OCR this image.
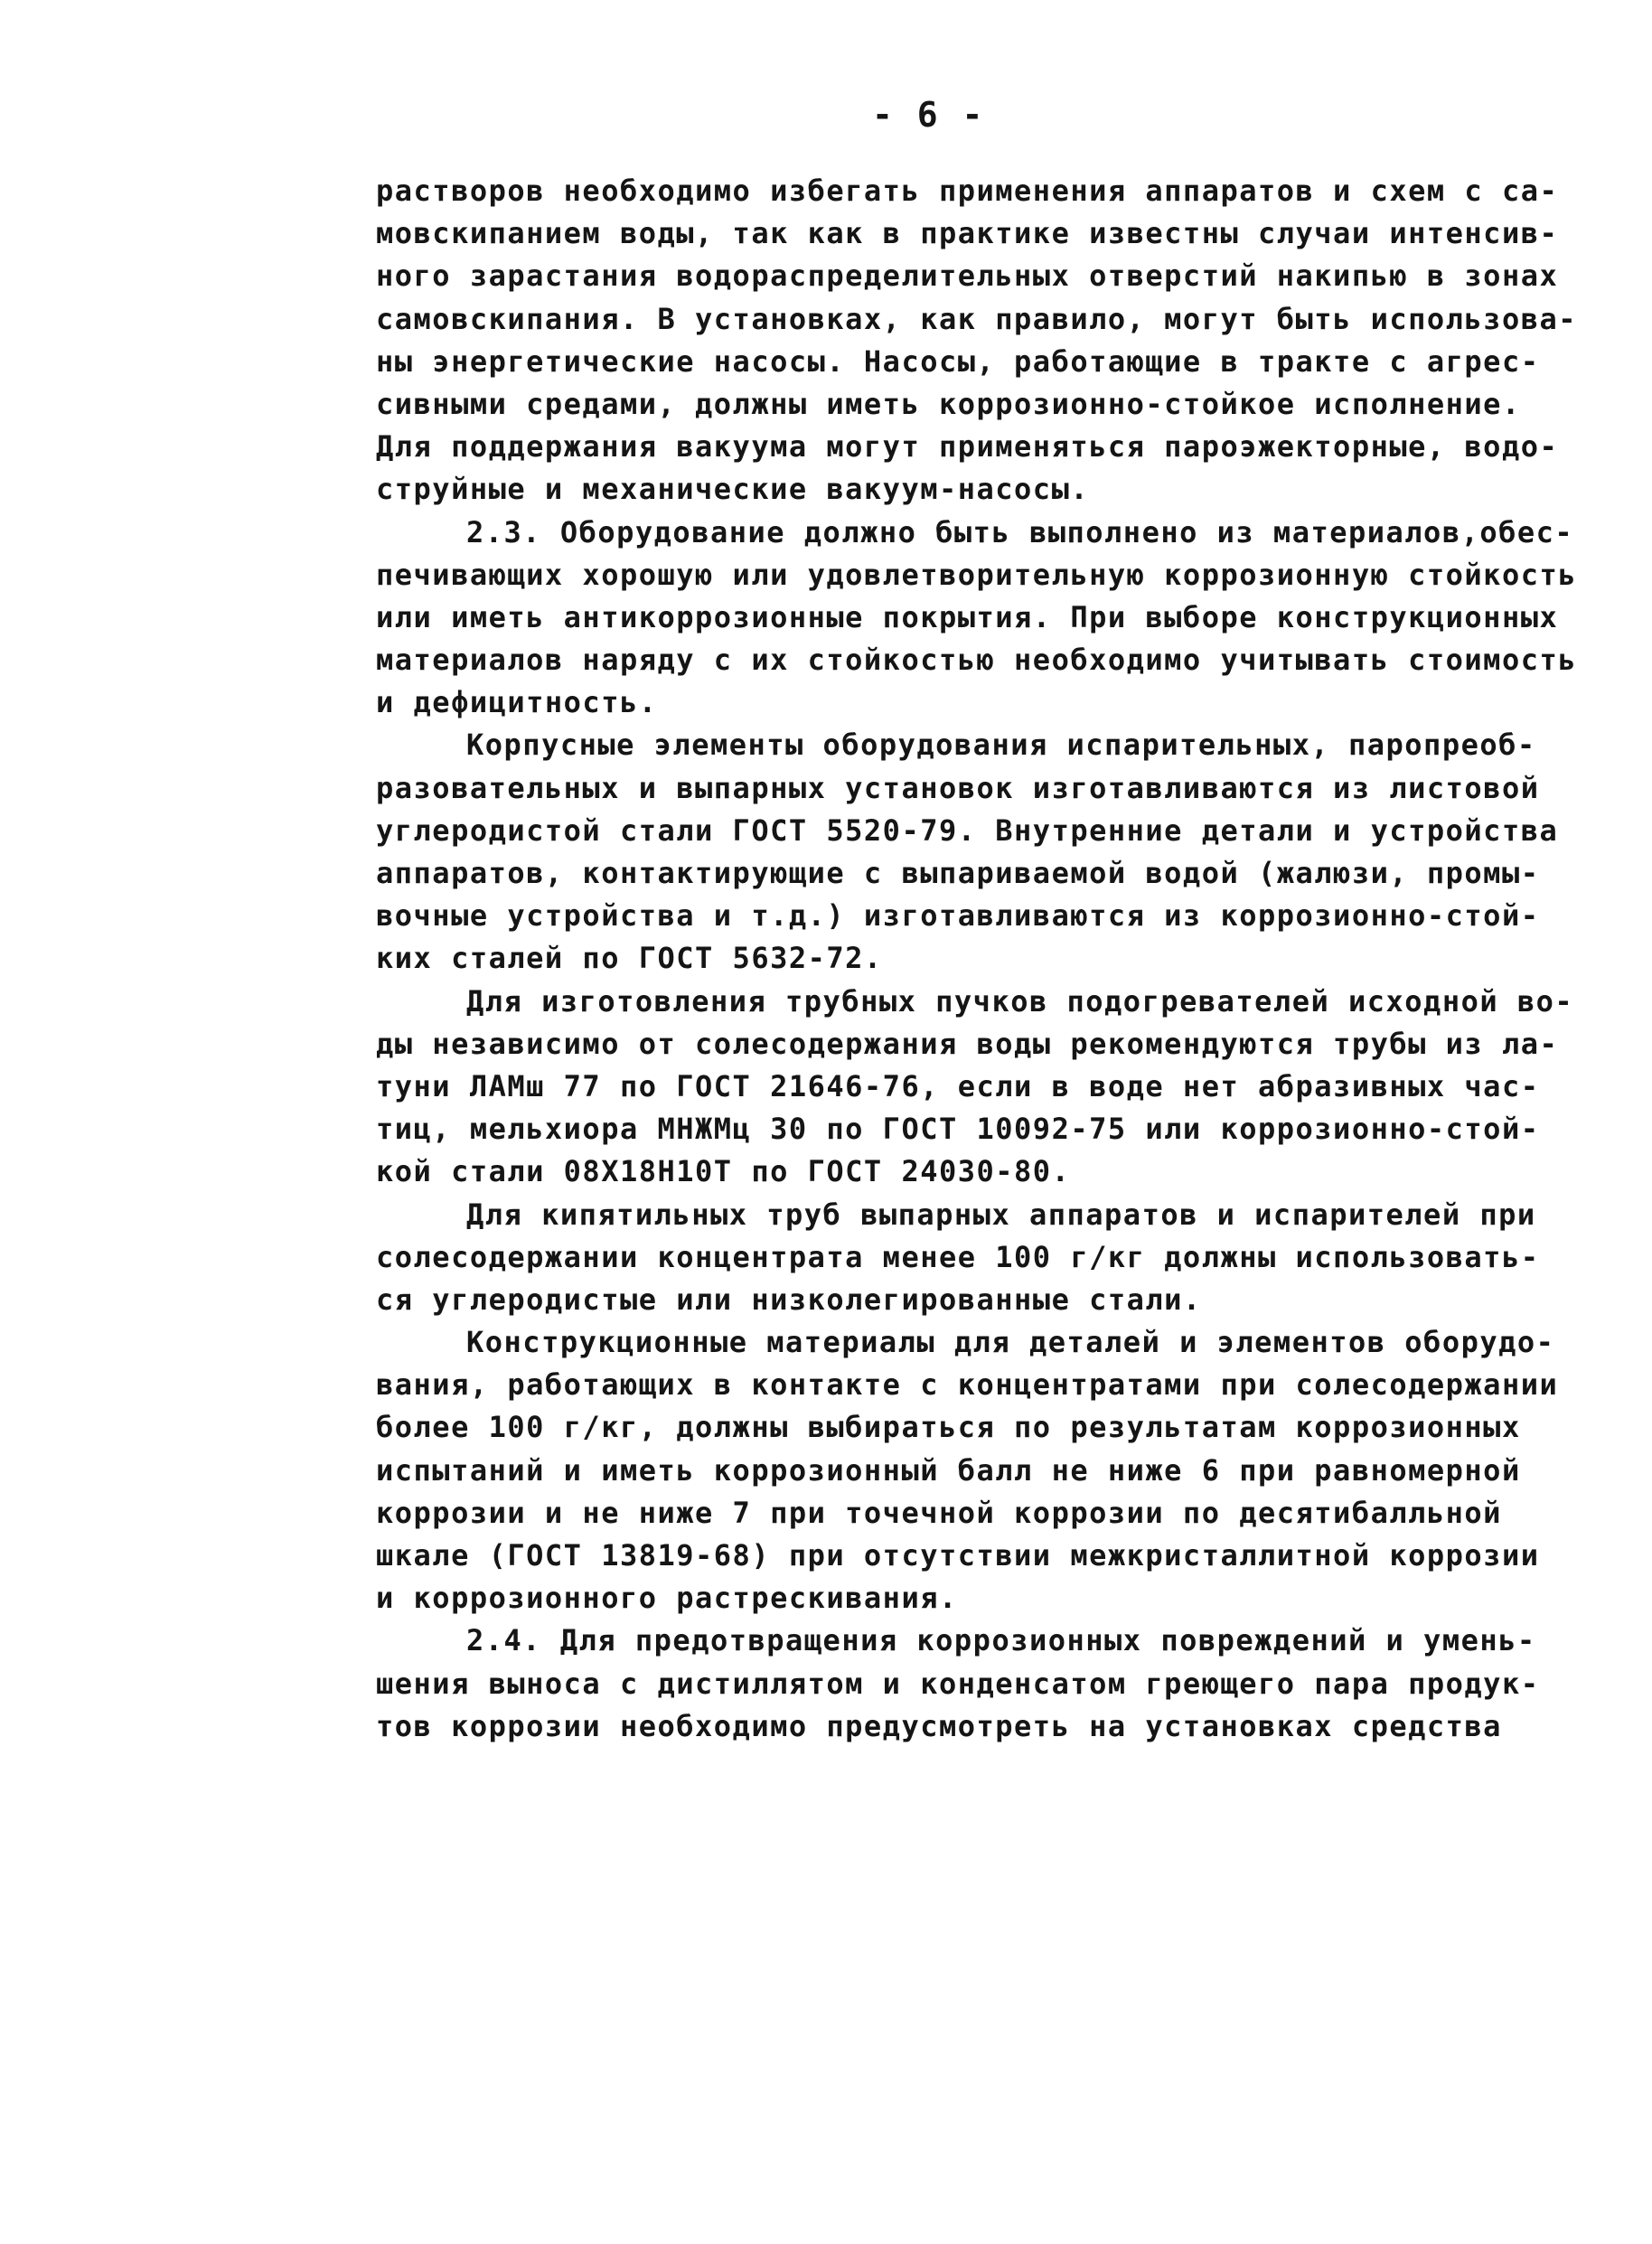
- 6 -
растворов необходимо избегать применения аппаратов и схем с са-
мовскипанием воды, так как в практике известны случаи интенсив-
ного зарастания водораспределительных отверстий накипью в зонах
самовскипания. В установках, как правило, могут быть использова-
ны энергетические насосы. Насосы, работающие в тракте с агрес-
сивными средами, должны иметь коррозионно-стойкое исполнение.
Для поддержания вакуума могут применяться пароэжекторные, водо-
струйные и механические вакуум-насосы.
2.3. Оборудование должно быть выполнено из материалов,обес-
печивающих хорошую или удовлетворительную коррозионную стойкость
или иметь антикоррозионные покрытия. При выборе конструкционных
материалов наряду с их стойкостью необходимо учитывать стоимость
и дефицитность.
Корпусные элементы оборудования испарительных, паропреоб-
разовательных и выпарных установок изготавливаются из листовой
углеродистой стали ГОСТ 5520-79. Внутренние детали и устройства
аппаратов, контактирующие с выпариваемой водой (жалюзи, промы-
вочные устройства и т.д.) изготавливаются из коррозионно-стой-
ких сталей по ГОСТ 5632-72.
Для изготовления трубных пучков подогревателей исходной во-
ды независимо от солесодержания воды рекомендуются трубы из ла-
туни ЛАМш 77 по ГОСТ 21646-76, если в воде нет абразивных час-
тиц, мельхиора МНЖМц 30 по ГОСТ 10092-75 или коррозионно-стой-
кой стали 08Х18Н10Т по ГОСТ 24030-80.
Для кипятильных труб выпарных аппаратов и испарителей при
солесодержании концентрата менее 100 г/кг должны использовать-
ся углеродистые или низколегированные стали.
Конструкционные материалы для деталей и элементов оборудо-
вания, работающих в контакте с концентратами при солесодержании
более 100 г/кг, должны выбираться по результатам коррозионных
испытаний и иметь коррозионный балл не ниже 6 при равномерной
коррозии и не ниже 7 при точечной коррозии по десятибалльной
шкале (ГОСТ 13819-68) при отсутствии межкристаллитной коррозии
и коррозионного растрескивания.
2.4. Для предотвращения коррозионных повреждений и умень-
шения выноса с дистиллятом и конденсатом греющего пара продук-
тов коррозии необходимо предусмотреть на установках средства
